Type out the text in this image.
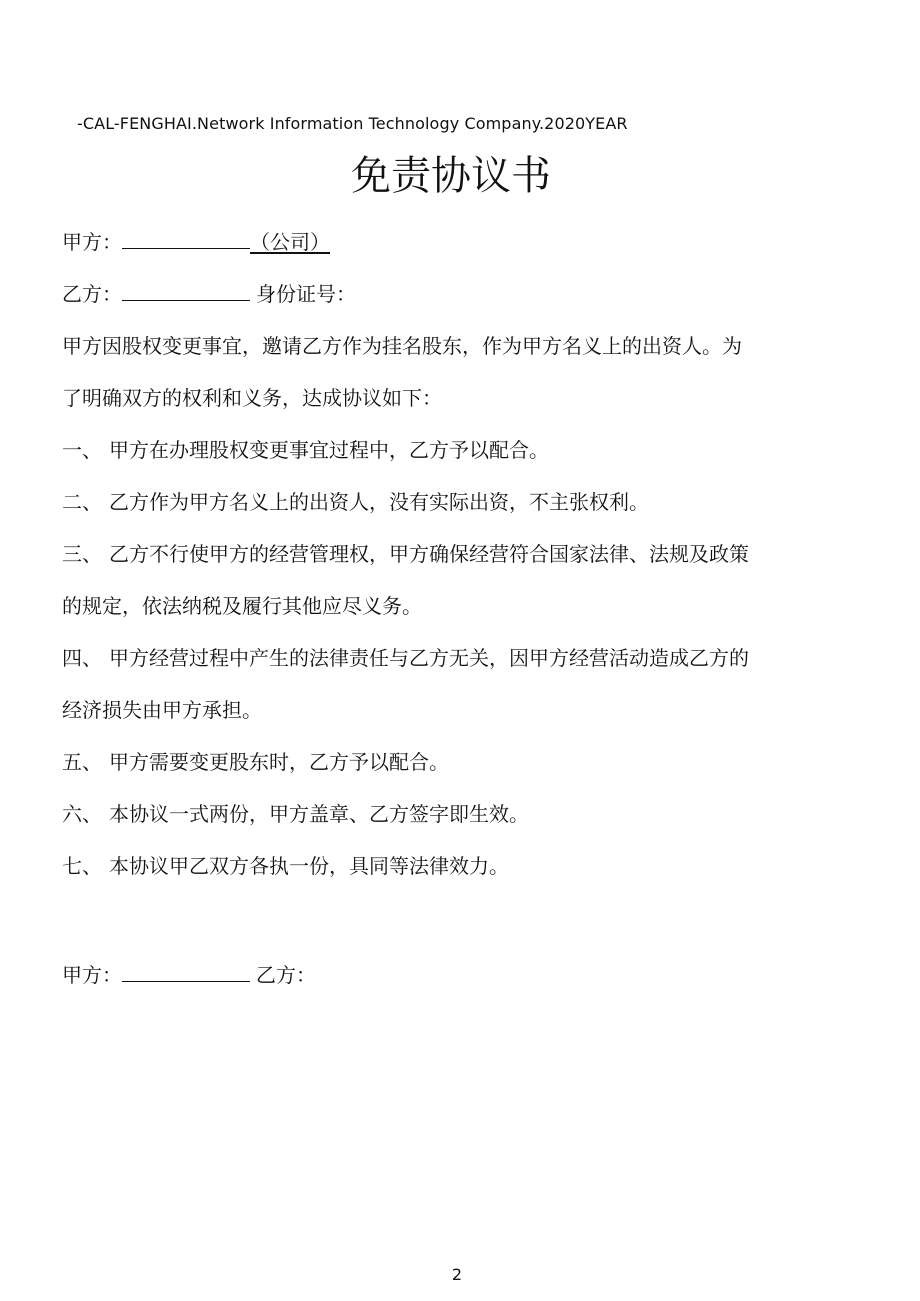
-CAL-FENGHAI.Network Information Technology Company.2020YEAR
免责协议书
甲方：	（公司）
乙方：	身份证号：
甲方因股权变更事宜，邀请乙方作为挂名股东，作为甲方名义上的出资人。为
了明确双方的权利和义务，达成协议如下：
一、 甲方在办理股权变更事宜过程中，乙方予以配合。
二、 乙方作为甲方名义上的出资人，没有实际出资，不主张权利。
三、 乙方不行使甲方的经营管理权，甲方确保经营符合国家法律、法规及政策
的规定，依法纳税及履行其他应尽义务。
四、 甲方经营过程中产生的法律责任与乙方无关，因甲方经营活动造成乙方的
经济损失由甲方承担。
五、 甲方需要变更股东时，乙方予以配合。
六、 本协议一式两份，甲方盖章、乙方签字即生效。
七、 本协议甲乙双方各执一份，具同等法律效力。
甲方：	乙方：
2
